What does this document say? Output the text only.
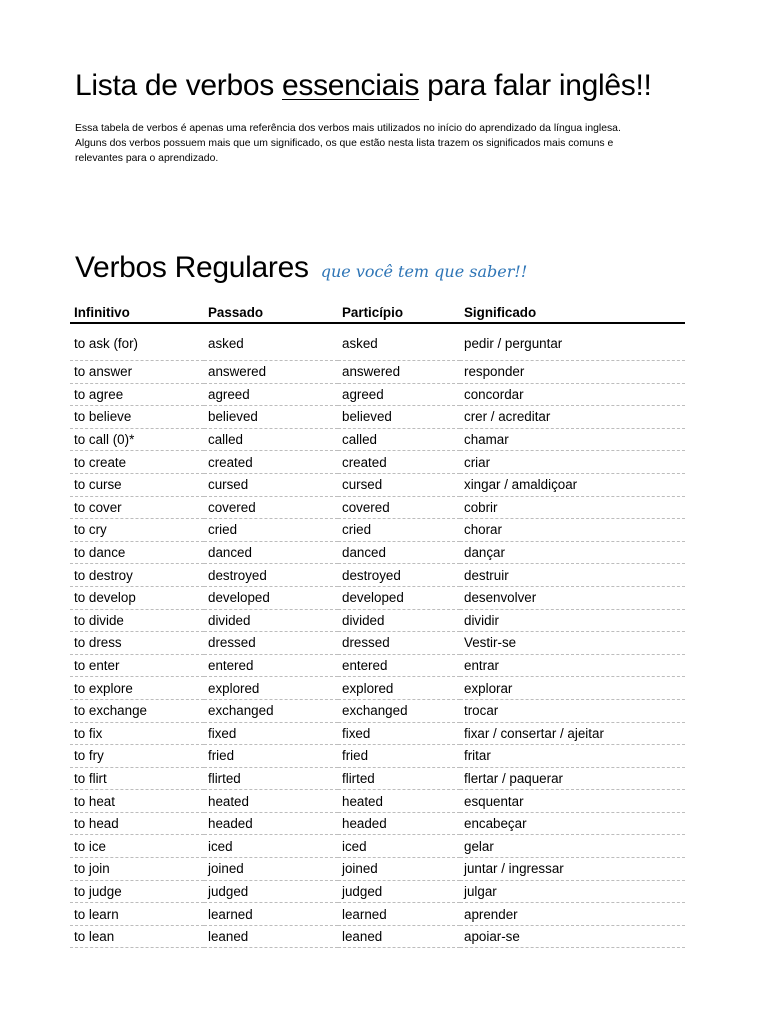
Lista de verbos essenciais para falar inglês!!

Essa tabela de verbos é apenas uma referência dos verbos mais utilizados no início do aprendizado da língua inglesa.

Alguns dos verbos possuem mais que um significado, os que estão nesta lista trazem os significados mais comuns e

relevantes para o aprendizado.

Verbos Regulares que você tem que saber!!
Infinitivo	Passado	Particípio	Significado
to ask (for)	asked	asked	pedir / perguntar
to answer	answered	answered	responder
to agree	agreed	agreed	concordar
to believe	believed	believed	crer / acreditar
to call (0)*	called	called	chamar
to create	created	created	criar
to curse	cursed	cursed	xingar / amaldiçoar
to cover	covered	covered	cobrir
to cry	cried	cried	chorar
to dance	danced	danced	dançar
to destroy	destroyed	destroyed	destruir
to develop	developed	developed	desenvolver
to divide	divided	divided	dividir
to dress	dressed	dressed	Vestir-se
to enter	entered	entered	entrar
to explore	explored	explored	explorar
to exchange	exchanged	exchanged	trocar
to fix	fixed	fixed	fixar / consertar / ajeitar
to fry	fried	fried	fritar
to flirt	flirted	flirted	flertar / paquerar
to heat	heated	heated	esquentar
to head	headed	headed	encabeçar
to ice	iced	iced	gelar
to join	joined	joined	juntar / ingressar
to judge	judged	judged	julgar
to learn	learned	learned	aprender
to lean	leaned	leaned	apoiar-se
